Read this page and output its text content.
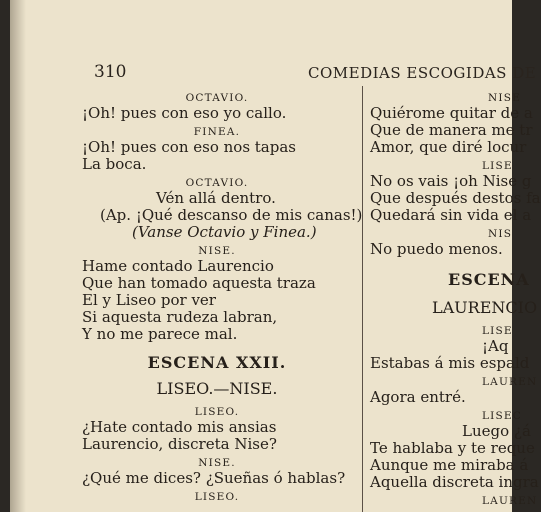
310	COMEDIAS ESCOGIDAS DE
OCTAVIO.
¡Oh! pues con eso yo callo.
FINEA.
¡Oh! pues con eso nos tapas
La boca.
OCTAVIO.
Vén allá dentro.
(Ap. ¡Qué descanso de mis canas!)
(Vanse Octavio y Finea.)
NISE.
Hame contado Laurencio
Que han tomado aquesta traza
El y Liseo por ver
Si aquesta rudeza labran,
Y no me parece mal.
ESCENA XXII.
LISEO.—NISE.
LISEO.
¿Hate contado mis ansias
Laurencio, discreta Nise?
NISE.
¿Qué me dices? ¿Sueñas ó hablas?
LISEO.
NISE
Quiérome quitar de a
Que de manera me tr
Amor, que diré locur
LISE
No os vais ¡oh Nise g
Que después destos fa
Quedará sin vida el a
NIS
No puedo menos.
ESCENA
LAURENCIO
LISE
¡Aq
Estabas á mis espald
LAUREN
Agora entré.
LISEC
Luego ¿á
Te hablaba y te reque
Aunque me miraba á
Aquella discreta ingra
LAUREN
